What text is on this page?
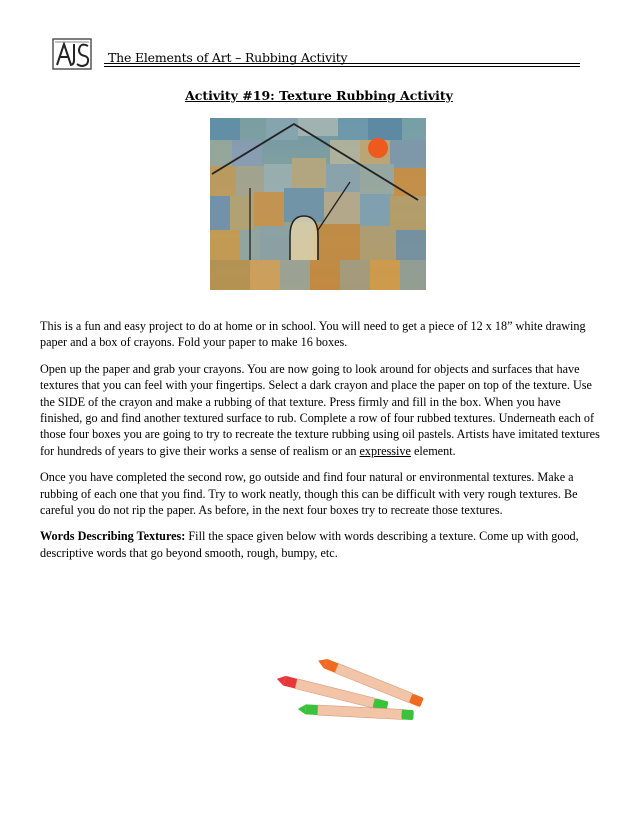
The Elements of Art – Rubbing Activity
Activity #19: Texture Rubbing Activity

This is a fun and easy project to do at home or in school. You will need to get a piece of 12 x 18” white drawing paper and a box of crayons. Fold your paper to make 16 boxes.

Open up the paper and grab your crayons. You are now going to look around for objects and surfaces that have textures that you can feel with your fingertips. Select a dark crayon and place the paper on top of the texture. Use the SIDE of the crayon and make a rubbing of that texture. Press firmly and fill in the box. When you have finished, go and find another textured surface to rub. Complete a row of four rubbed textures. Underneath each of those four boxes you are going to try to recreate the texture rubbing using oil pastels. Artists have imitated textures for hundreds of years to give their works a sense of realism or an expressive element.

Once you have completed the second row, go outside and find four natural or environmental textures. Make a rubbing of each one that you find. Try to work neatly, though this can be difficult with very rough textures. Be careful you do not rip the paper. As before, in the next four boxes try to recreate those textures.

Words Describing Textures: Fill the space given below with words describing a texture. Come up with good, descriptive words that go beyond smooth, rough, bumpy, etc.
